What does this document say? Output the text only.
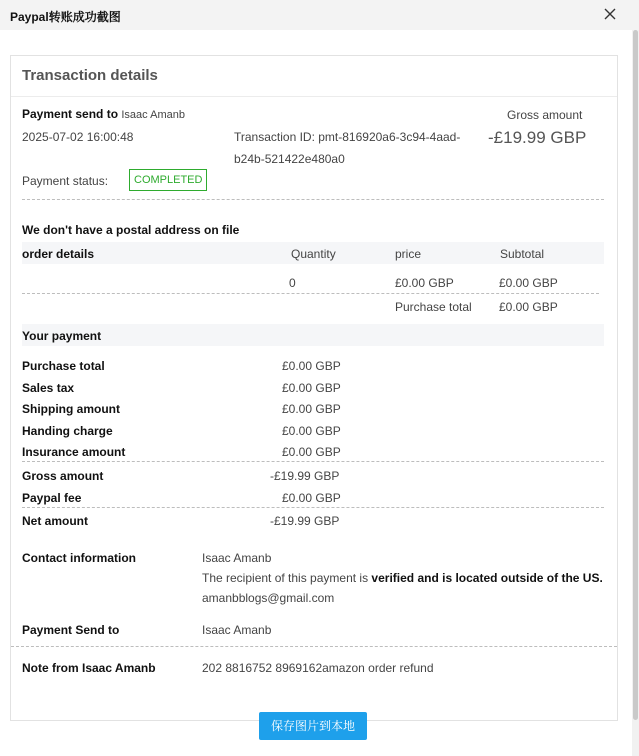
Paypal转账成功截图
Transaction details
Payment send to Isaac Amanb
2025-07-02 16:00:48	Transaction ID: pmt-816920a6-3c94-4aad-
b24b-521422e480a0
Gross amount
-£19.99 GBP
Payment status:	COMPLETED
We don't have a postal address on file
order details	Quantity	price	Subtotal
0	£0.00 GBP	£0.00 GBP
Purchase total £0.00 GBP
Your payment
Purchase total	£0.00 GBP
Sales tax	£0.00 GBP
Shipping amount	£0.00 GBP
Handing charge	£0.00 GBP
Insurance amount	£0.00 GBP
Gross amount	-£19.99 GBP
Paypal fee	£0.00 GBP
Net amount	-£19.99 GBP
Contact information	Isaac Amanb
The recipient of this payment is verified and is located outside of the US.
amanbblogs@gmail.com
Payment Send to	Isaac Amanb
Note from Isaac Amanb	202 8816752 8969162amazon order refund
保存图片到本地
